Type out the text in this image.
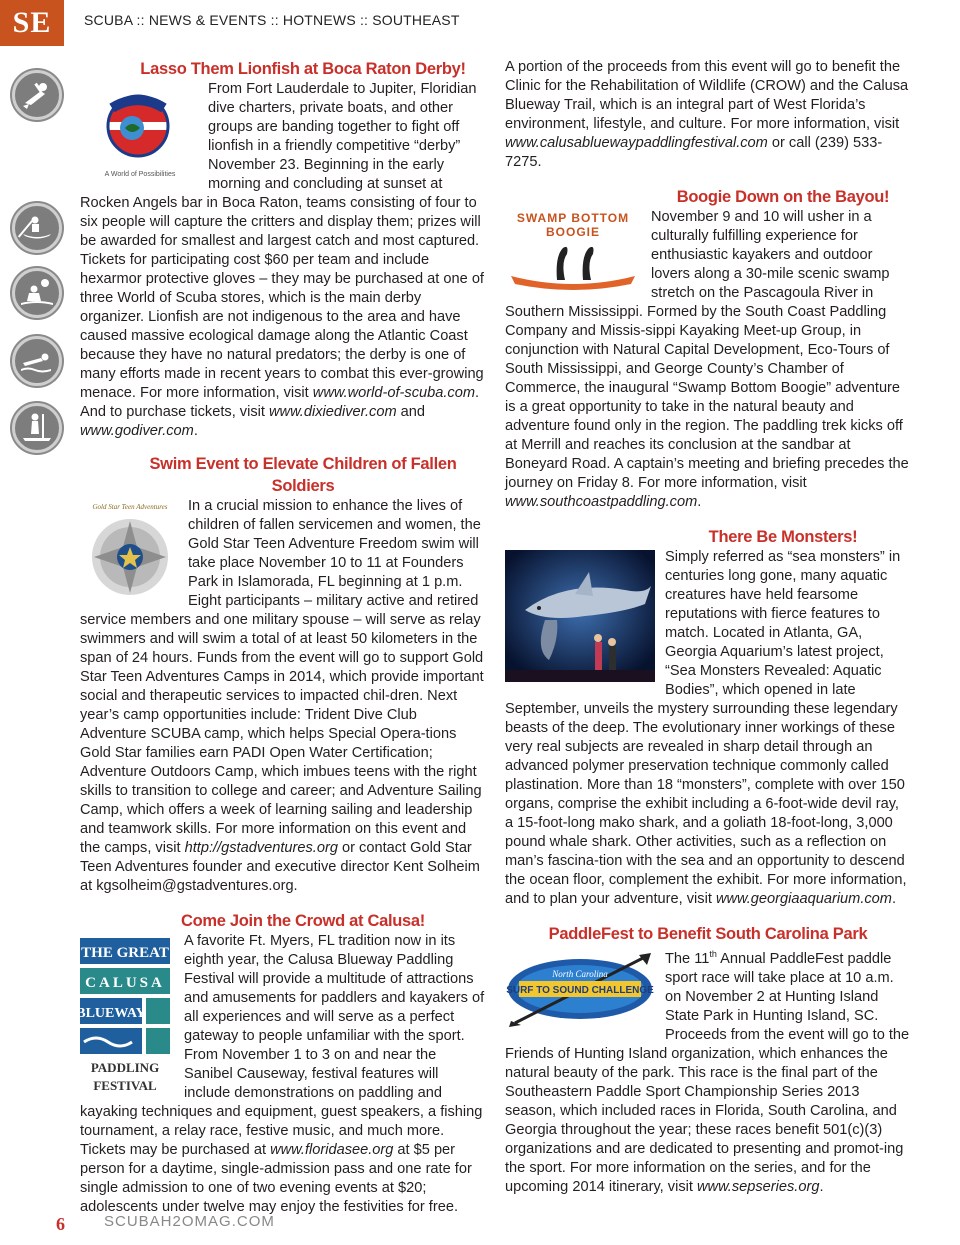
SE	SCUBA :: NEWS & EVENTS :: HOTNEWS :: SOUTHEAST
Lasso Them Lionfish at Boca Raton Derby!
A World of Possibilities

From Fort Lauderdale to Jupiter, Floridian dive charters, private boats, and other groups are banding together to fight off lionfish in a friendly competitive “derby” November 23. Beginning in the early morning and concluding at sunset at Rocken Angels bar in Boca Raton, teams consisting of four to six people will capture the critters and display them; prizes will be awarded for smallest and largest catch and most captured. Tickets for participating cost $60 per team and include hexarmor protective gloves – they may be purchased at one of three World of Scuba stores, which is the main derby organizer. Lionfish are not indigenous to the area and have caused massive ecological damage along the Atlantic Coast because they have no natural predators; the derby is one of many efforts made in recent years to combat this ever-growing menace. For more information, visit www.world-of-scuba.com. And to purchase tickets, visit www.dixiediver.com and www.godiver.com.

Swim Event to Elevate Children of Fallen Soldiers
Gold Star Teen Adventures	In a crucial mission to enhance the lives of children of fallen servicemen and women, the Gold Star Teen Adventure Freedom swim will take place November 10 to 11 at Founders Park in Islamorada, FL beginning at 1 p.m. Eight participants – military active and retired service members and one military spouse – will serve as relay swimmers and will swim a total of at least 50 kilometers in the span of 24 hours. Funds from the event will go to support Gold Star Teen Adventures Camps in 2014, which provide important social and therapeutic services to impacted chil-dren. Next year’s camp opportunities include: Trident Dive Club Adventure SCUBA camp, which helps Special Opera-tions Gold Star families earn PADI Open Water Certification; Adventure Outdoors Camp, which imbues teens with the right skills to transition to college and career; and Adventure Sailing Camp, which offers a week of learning sailing and leadership and teamwork skills. For more information on this event and the camps, visit http://gstadventures.org or contact Gold Star Teen Adventures founder and executive director Kent Solheim at kgsolheim@gstadventures.org.

Come Join the Crowd at Calusa!
THE GREAT
CALUSA
BLUEWAY
PADDLING
FESTIVAL

A favorite Ft. Myers, FL tradition now in its eighth year, the Calusa Blueway Paddling Festival will provide a multitude of attractions and amusements for paddlers and kayakers of all experiences and will serve as a perfect gateway to people unfamiliar with the sport. From November 1 to 3 on and near the Sanibel Causeway, festival features will include demonstrations on paddling and kayaking techniques and equipment, guest speakers, a fishing tournament, a relay race, festive music, and much more. Tickets may be purchased at www.floridasee.org at $5 per person for a daytime, single-admission pass and one rate for single admission to one of two evening events at $20; adolescents under twelve may enjoy the festivities for free.

A portion of the proceeds from this event will go to benefit the Clinic for the Rehabilitation of Wildlife (CROW) and the Calusa Blueway Trail, which is an integral part of West Florida’s environment, lifestyle, and culture. For more information, visit www.calusabluewaypaddlingfestival.com or call (239) 533-7275.

Boogie Down on the Bayou!
SWAMP BOTTOM
BOOGIE

November 9 and 10 will usher in a culturally fulfilling experience for enthusiastic kayakers and outdoor lovers along a 30-mile scenic swamp stretch on the Pascagoula River in Southern Mississippi. Formed by the South Coast Paddling Company and Missis-sippi Kayaking Meet-up Group, in conjunction with Natural Capital Development, Eco-Tours of South Mississippi, and George County’s Chamber of Commerce, the inaugural “Swamp Bottom Boogie” adventure is a great opportunity to take in the natural beauty and adventure found only in the region. The paddling trek kicks off at Merrill and reaches its conclusion at the sandbar at Boneyard Road. A captain’s meeting and briefing precedes the journey on Friday 8. For more information, visit www.southcoastpaddling.com.

There Be Monsters!

Simply referred as “sea monsters” in centuries long gone, many aquatic creatures have held fearsome reputations with fierce features to match. Located in Atlanta, GA, Georgia Aquarium’s latest project, “Sea Monsters Revealed: Aquatic Bodies”, which opened in late September, unveils the mystery surrounding these legendary beasts of the deep. The evolutionary inner workings of these very real subjects are revealed in sharp detail through an advanced polymer preservation technique commonly called plastination. More than 18 “monsters”, complete with over 150 organs, comprise the exhibit including a 6-foot-wide devil ray, a 15-foot-long mako shark, and a goliath 18-foot-long, 3,000 pound whale shark. Other activities, such as a reflection on man’s fascina-tion with the sea and an opportunity to descend the ocean floor, complement the exhibit. For more information, and to plan your adventure, visit www.georgiaaquarium.com.

PaddleFest to Benefit South Carolina Park
North Carolina
SURF TO SOUND CHALLENGE

The 11th Annual PaddleFest paddle sport race will take place at 10 a.m. on November 2 at Hunting Island State Park in Hunting Island, SC. Proceeds from the event will go to the Friends of Hunting Island organization, which enhances the natural beauty of the park. This race is the final part of the Southeastern Paddle Sport Championship Series 2013 season, which included races in Florida, South Carolina, and Georgia throughout the year; these races benefit 501(c)(3) organizations and are dedicated to presenting and promot-ing the sport. For more information on the series, and for the upcoming 2014 itinerary, visit www.sepseries.org.

6	SCUBAH2OMAG.COM
